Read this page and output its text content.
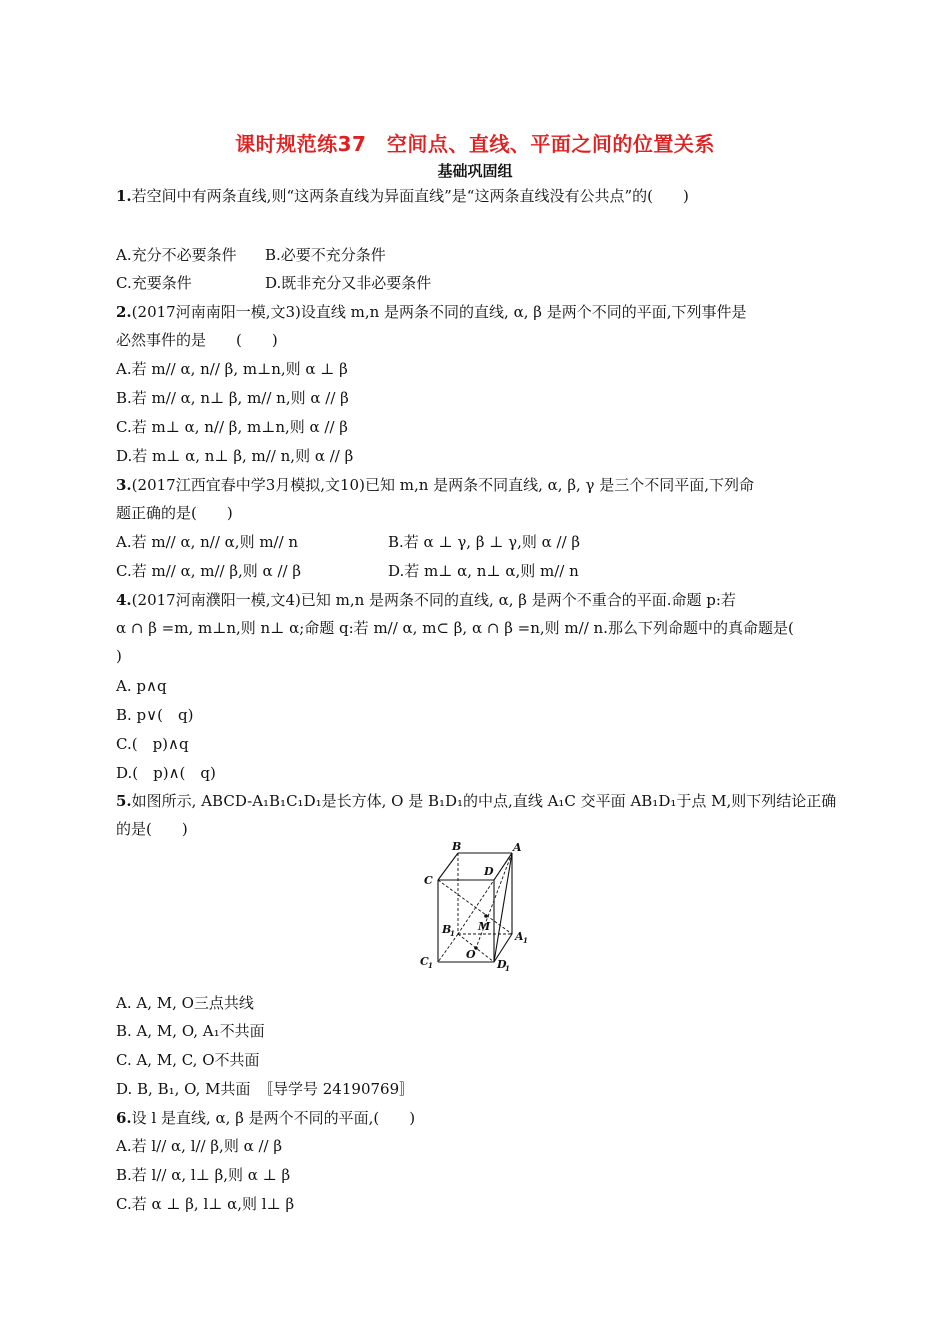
课时规范练37　空间点、直线、平面之间的位置关系
基础巩固组
1.若空间中有两条直线,则“这两条直线为异面直线”是“这两条直线没有公共点”的(　　)
A.充分不必要条件 B.必要不充分条件
C.充要条件	D.既非充分又非必要条件
2.(2017河南南阳一模,文3)设直线 m,n 是两条不同的直线, α, β 是两个不同的平面,下列事件是
必然事件的是　　(　　)
A.若 m// α, n// β, m⊥n,则 α ⊥ β
B.若 m// α, n⊥ β, m// n,则 α // β
C.若 m⊥ α, n// β, m⊥n,则 α // β
D.若 m⊥ α, n⊥ β, m// n,则 α // β
3.(2017江西宜春中学3月模拟,文10)已知 m,n 是两条不同直线, α, β, γ 是三个不同平面,下列命
题正确的是(　　)
A.若 m// α, n// α,则 m// n	B.若 α ⊥ γ, β ⊥ γ,则 α // β
C.若 m// α, m// β,则 α // β	D.若 m⊥ α, n⊥ α,则 m// n
4.(2017河南濮阳一模,文4)已知 m,n 是两条不同的直线, α, β 是两个不重合的平面.命题 p:若
α ∩ β =m, m⊥n,则 n⊥ α;命题 q:若 m// α, m⊂ β, α ∩ β =n,则 m// n.那么下列命题中的真命题是(
)
A. p∧q
B. p∨(　q)
C.(　p)∧q
D.(　p)∧(　q)
5.如图所示, ABCD-A₁B₁C₁D₁是长方体, O 是 B₁D₁的中点,直线 A₁C 交平面 AB₁D₁于点 M,则下列结论正确
的是(　　)
B	A
C
D
M
B
1	A 1
C 1
O
D
1
A. A, M, O三点共线
B. A, M, O, A₁不共面
C. A, M, C, O不共面
D. B, B₁, O, M共面 〚导学号 24190769〛
6.设 l 是直线, α, β 是两个不同的平面,(　　)
A.若 l// α, l// β,则 α // β
B.若 l// α, l⊥ β,则 α ⊥ β
C.若 α ⊥ β, l⊥ α,则 l⊥ β
